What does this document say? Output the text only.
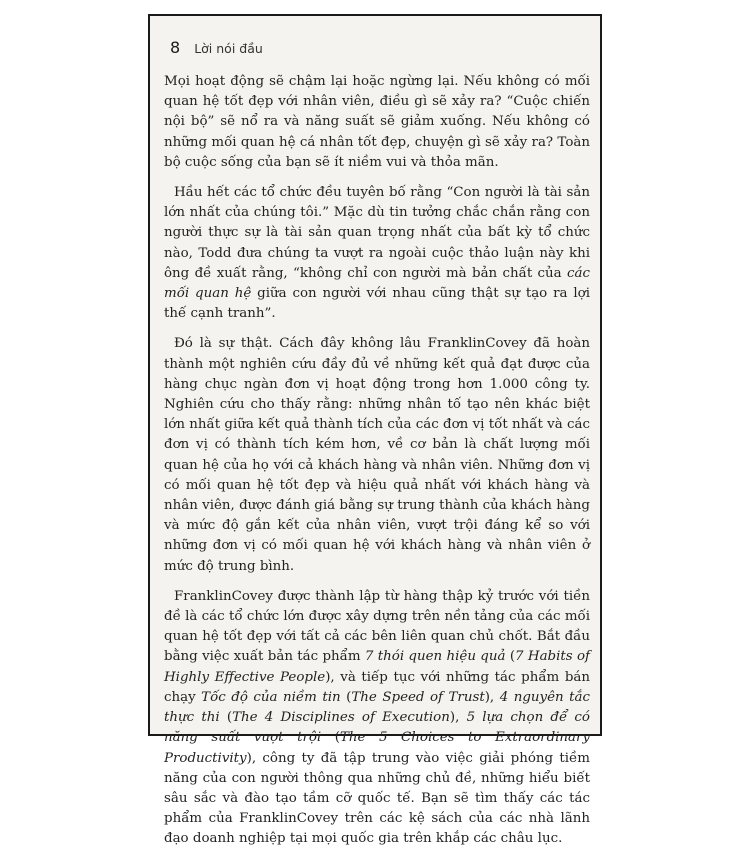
8 Lời nói đầu

Mọi hoạt động sẽ chậm lại hoặc ngừng lại. Nếu không có mối quan hệ tốt đẹp với nhân viên, điều gì sẽ xảy ra? “Cuộc chiến nội bộ” sẽ nổ ra và năng suất sẽ giảm xuống. Nếu không có những mối quan hệ cá nhân tốt đẹp, chuyện gì sẽ xảy ra? Toàn bộ cuộc sống của bạn sẽ ít niềm vui và thỏa mãn.

Hầu hết các tổ chức đều tuyên bố rằng “Con người là tài sản lớn nhất của chúng tôi.” Mặc dù tin tưởng chắc chắn rằng con người thực sự là tài sản quan trọng nhất của bất kỳ tổ chức nào, Todd đưa chúng ta vượt ra ngoài cuộc thảo luận này khi ông đề xuất rằng, “không chỉ con người mà bản chất của các mối quan hệ giữa con người với nhau cũng thật sự tạo ra lợi thế cạnh tranh”.

Đó là sự thật. Cách đây không lâu FranklinCovey đã hoàn thành một nghiên cứu đầy đủ về những kết quả đạt được của hàng chục ngàn đơn vị hoạt động trong hơn 1.000 công ty. Nghiên cứu cho thấy rằng: những nhân tố tạo nên khác biệt lớn nhất giữa kết quả thành tích của các đơn vị tốt nhất và các đơn vị có thành tích kém hơn, về cơ bản là chất lượng mối quan hệ của họ với cả khách hàng và nhân viên. Những đơn vị có mối quan hệ tốt đẹp và hiệu quả nhất với khách hàng và nhân viên, được đánh giá bằng sự trung thành của khách hàng và mức độ gắn kết của nhân viên, vượt trội đáng kể so với những đơn vị có mối quan hệ với khách hàng và nhân viên ở mức độ trung bình.

FranklinCovey được thành lập từ hàng thập kỷ trước với tiền đề là các tổ chức lớn được xây dựng trên nền tảng của các mối quan hệ tốt đẹp với tất cả các bên liên quan chủ chốt. Bắt đầu bằng việc xuất bản tác phẩm 7 thói quen hiệu quả (7 Habits of Highly Effective People), và tiếp tục với những tác phẩm bán chạy Tốc độ của niềm tin (The Speed of Trust), 4 nguyên tắc thực thi (The 4 Disciplines of Execution), 5 lựa chọn để có năng suất vượt trội (The 5 Choices to Extraordinary Productivity), công ty đã tập trung vào việc giải phóng tiềm năng của con người thông qua những chủ đề, những hiểu biết sâu sắc và đào tạo tầm cỡ quốc tế. Bạn sẽ tìm thấy các tác phẩm của FranklinCovey trên các kệ sách của các nhà lãnh đạo doanh nghiệp tại mọi quốc gia trên khắp các châu lục.
